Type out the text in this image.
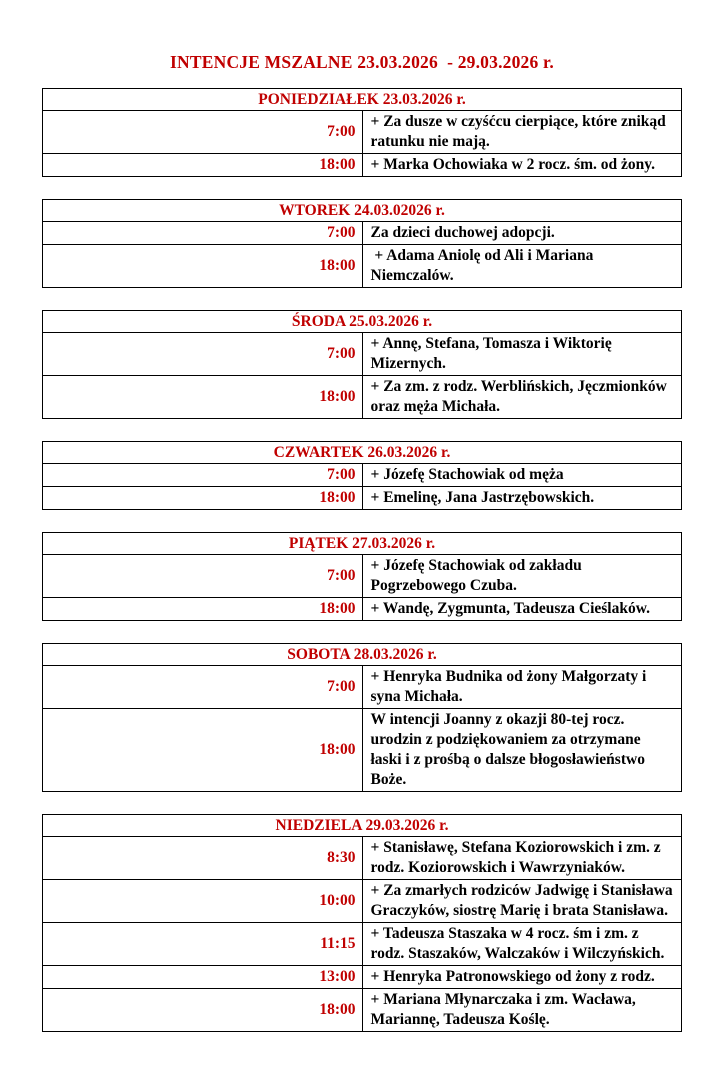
INTENCJE MSZALNE 23.03.2026  - 29.03.2026 r.
PONIEDZIAŁEK 23.03.2026 r.	
7:00	+ Za dusze w czyśćcu cierpiące, które znikąd ratunku nie mają.
18:00	+ Marka Ochowiaka w 2 rocz. śm. od żony.
WTOREK 24.03.02026 r.	
7:00	Za dzieci duchowej adopcji.
18:00	+ Adama Aniolę od Ali i Mariana Niemczalów.
ŚRODA 25.03.2026 r.	
7:00	+ Annę, Stefana, Tomasza i Wiktorię Mizernych.
18:00	+ Za zm. z rodz. Werblińskich, Jęczmionków oraz męża Michała.
CZWARTEK 26.03.2026 r.	
7:00	+ Józefę Stachowiak od męża
18:00	+ Emelinę, Jana Jastrzębowskich.
PIĄTEK 27.03.2026 r.	
7:00	+ Józefę Stachowiak od zakładu Pogrzebowego Czuba.
18:00	+ Wandę, Zygmunta, Tadeusza Cieślaków.
SOBOTA 28.03.2026 r.	
7:00	+ Henryka Budnika od żony Małgorzaty i syna Michała.
18:00	W intencji Joanny z okazji 80-tej rocz. urodzin z podziękowaniem za otrzymane łaski i z prośbą o dalsze błogosławieństwo Boże.
NIEDZIELA 29.03.2026 r.	
8:30	+ Stanisławę, Stefana Koziorowskich i zm. z rodz. Koziorowskich i Wawrzyniaków.
10:00	+ Za zmarłych rodziców Jadwigę i Stanisława Graczyków, siostrę Marię i brata Stanisława.
11:15	+ Tadeusza Staszaka w 4 rocz. śm i zm. z rodz. Staszaków, Walczaków i Wilczyńskich.
13:00	+ Henryka Patronowskiego od żony z rodz.
18:00	+ Mariana Młynarczaka i zm. Wacława, Mariannę, Tadeusza Koślę.
